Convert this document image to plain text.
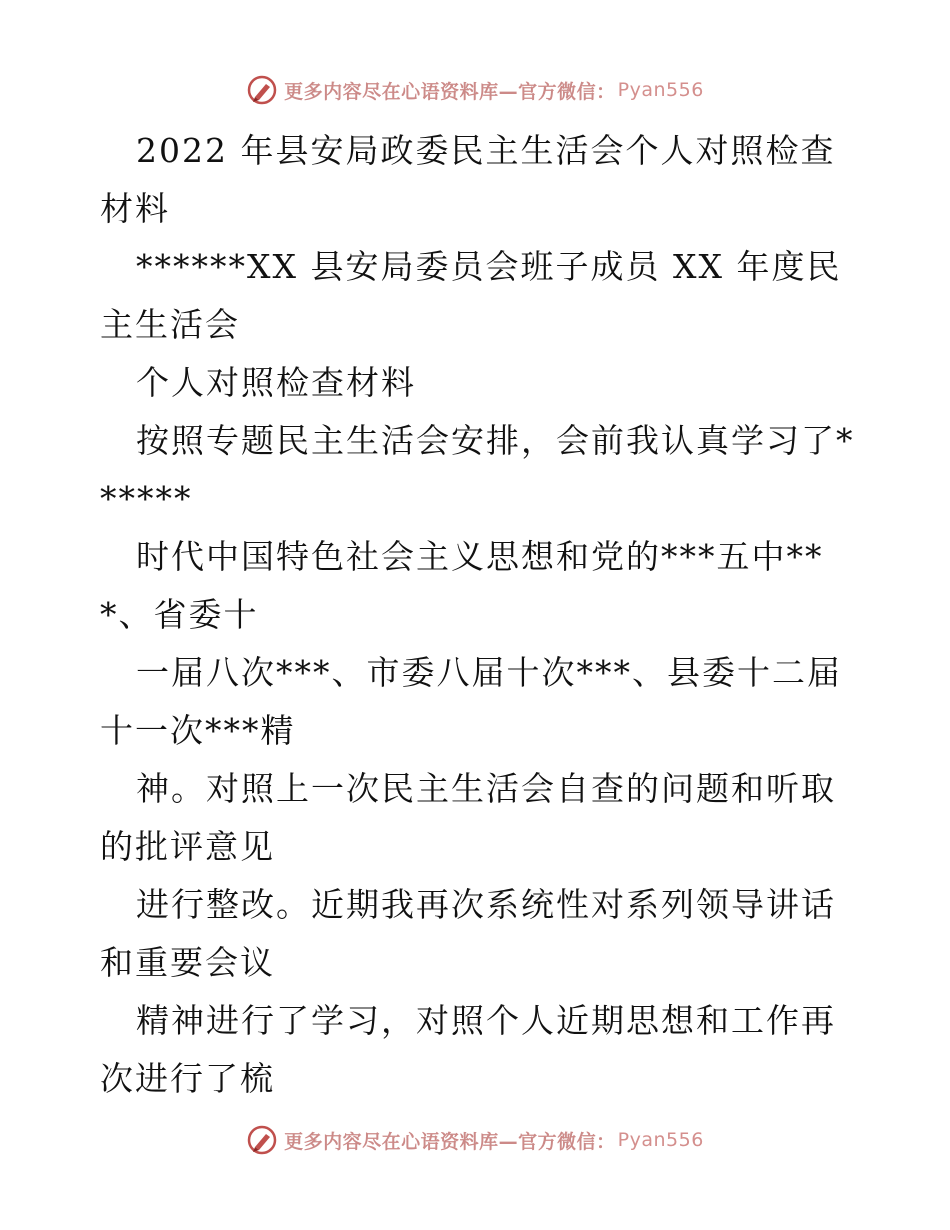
更多内容尽在心语资料库—官方微信： Pyan556

2022 年县安局政委民主生活会个人对照检查材料

******XX 县安局委员会班子成员 XX 年度民主生活会

个人对照检查材料

按照专题民主生活会安排，会前我认真学习了******

时代中国特色社会主义思想和党的***五中***、省委十

一届八次***、市委八届十次***、县委十二届十一次***精

神。对照上一次民主生活会自查的问题和听取的批评意见

进行整改。近期我再次系统性对系列领导讲话和重要会议

精神进行了学习，对照个人近期思想和工作再次进行了梳

更多内容尽在心语资料库—官方微信： Pyan556
